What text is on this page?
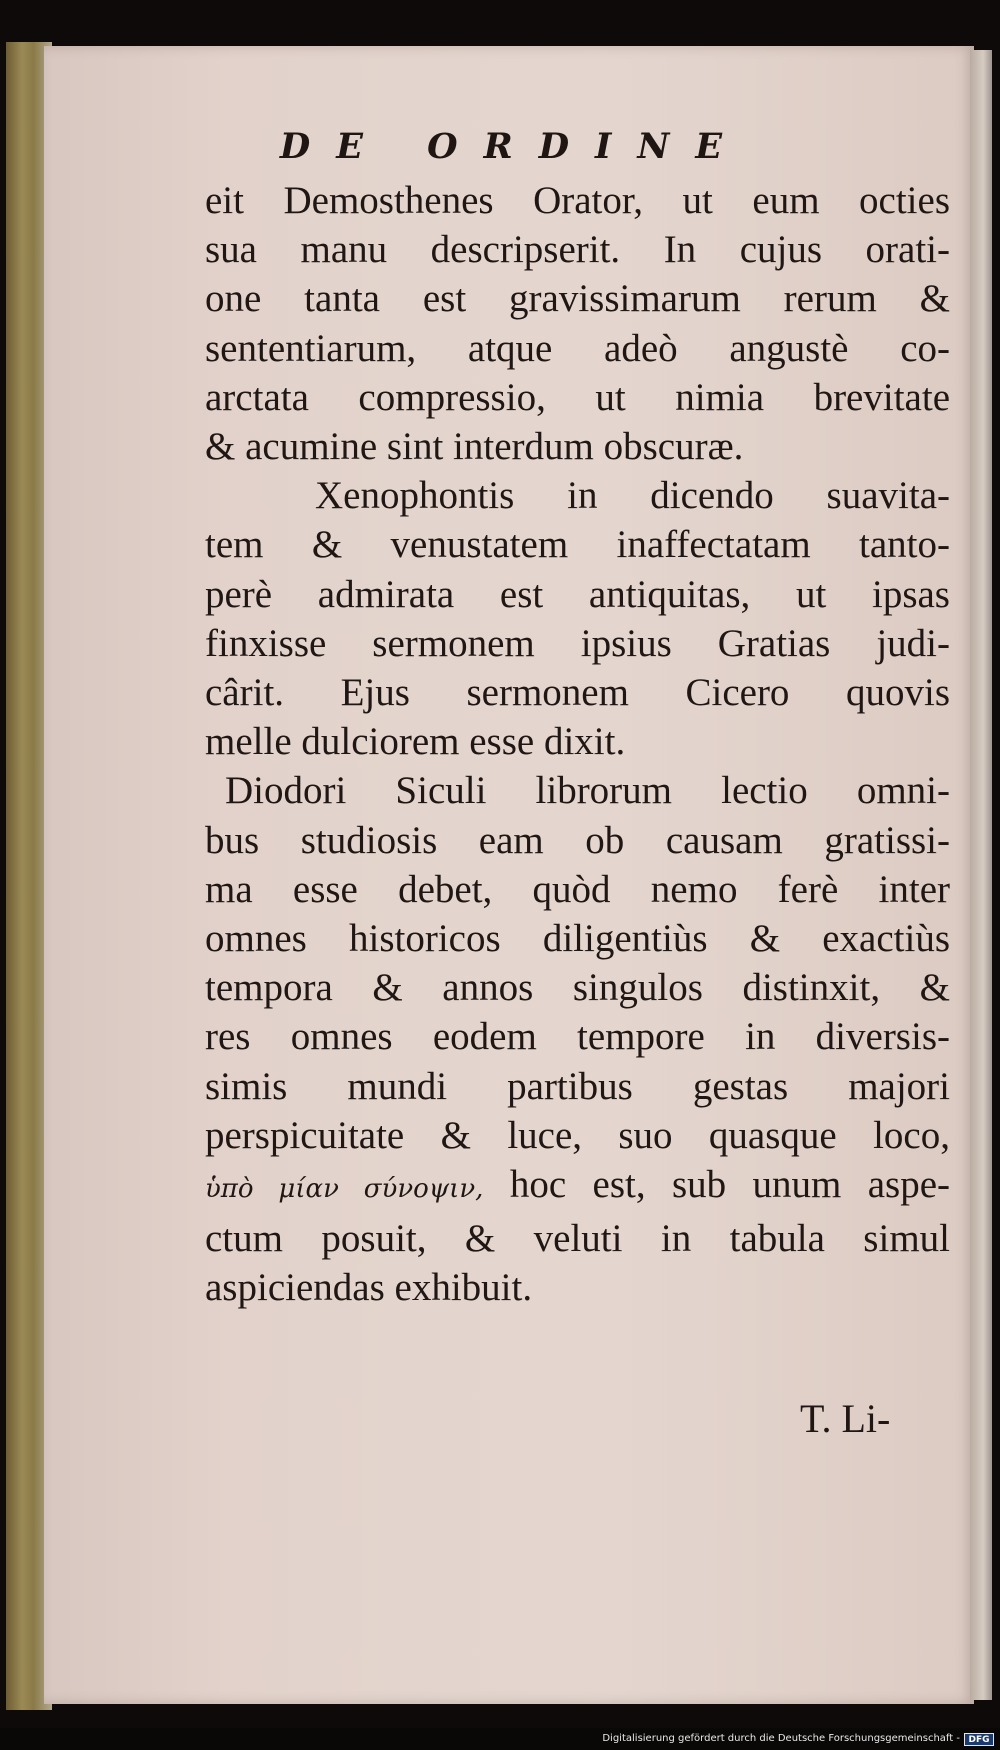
DE ORDINE
eit Demosthenes Orator, ut eum octies
sua manu descripserit. In cujus orati-
one tanta est gravissimarum rerum &
sententiarum, atque adeò angustè co-
arctata compressio, ut nimia brevitate
& acumine sint interdum obscuræ.
Xenophontis in dicendo suavita-
tem & venustatem inaffectatam tanto-
perè admirata est antiquitas, ut ipsas
finxisse sermonem ipsius Gratias judi-
cârit. Ejus sermonem Cicero quovis
melle dulciorem esse dixit.
Diodori Siculi librorum lectio omni-
bus studiosis eam ob causam gratissi-
ma esse debet, quòd nemo ferè inter
omnes historicos diligentiùs & exactiùs
tempora & annos singulos distinxit, &
res omnes eodem tempore in diversis-
simis mundi partibus gestas majori
perspicuitate & luce, suo quasque loco,
ὑπὸ μίαν σύνοψιν, hoc est, sub unum aspe-
ctum posuit, & veluti in tabula simul
aspiciendas exhibuit.
T. Li-
Digitalisierung gefördert durch die Deutsche Forschungsgemeinschaft - DFG
